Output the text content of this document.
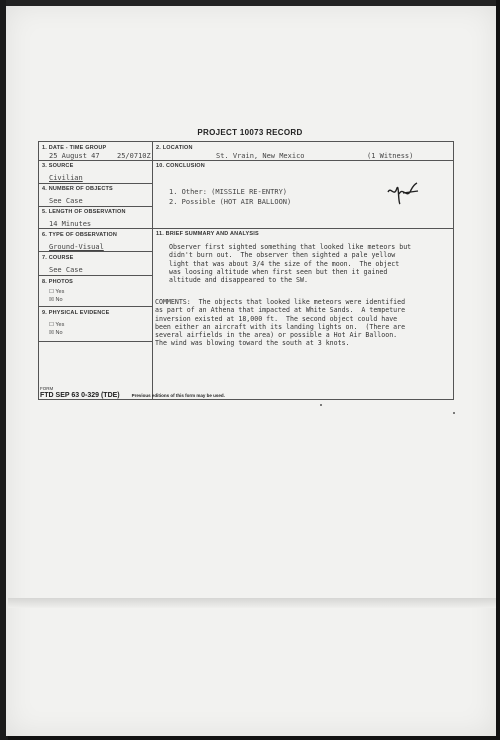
PROJECT 10073 RECORD
1. DATE - TIME GROUP
25 August 47 25/0710Z
2. LOCATION
St. Vrain, New Mexico	(1 Witness)
3. SOURCE
Civilian
4. NUMBER OF OBJECTS
See Case
5. LENGTH OF OBSERVATION
14 Minutes
6. TYPE OF OBSERVATION
Ground-Visual
7. COURSE
See Case
8. PHOTOS
☐ Yes
☒ No
9. PHYSICAL EVIDENCE
☐ Yes
☒ No
10. CONCLUSION
1. Other: (MISSILE RE-ENTRY)
2. Possible (HOT AIR BALLOON)
11. BRIEF SUMMARY AND ANALYSIS
Observer first sighted something that looked like meteors but
didn't burn out.  The observer then sighted a pale yellow
light that was about 3/4 the size of the moon.  The object
was loosing altitude when first seen but then it gained
altitude and disappeared to the SW.
COMMENTS:  The objects that looked like meteors were identified
as part of an Athena that impacted at White Sands.  A tempeture
inversion existed at 18,000 ft.  The second object could have
been either an aircraft with its landing lights on.  (There are
several airfields in the area) or possible a Hot Air Balloon.
The wind was blowing toward the south at 3 knots.
FORM
FTD SEP 63 0-329 (TDE)	Previous editions of this form may be used.
